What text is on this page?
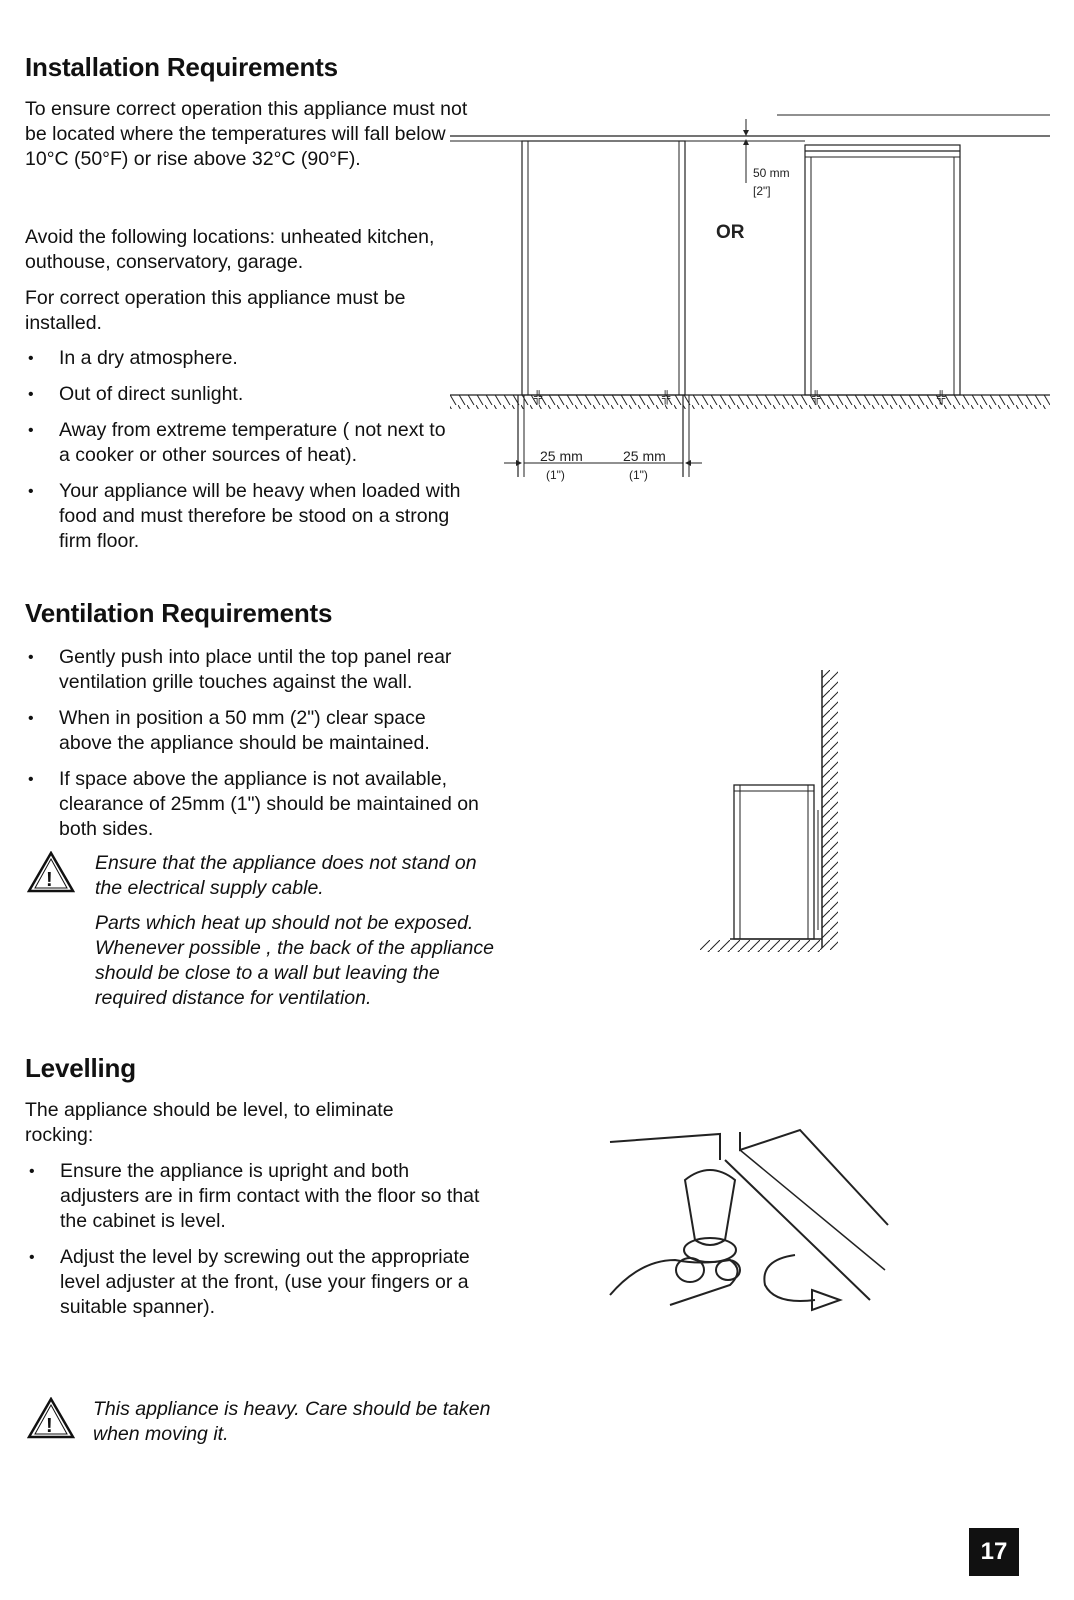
Installation Requirements

To ensure correct operation this appliance must not be located where the temperatures will fall below 10°C (50°F) or rise above 32°C (90°F).

Avoid the following locations: unheated kitchen, outhouse, conservatory, garage.

For correct operation this appliance must be installed.

• In a dry atmosphere.
• Out of direct sunlight.
• Away from extreme temperature ( not next to a cooker or other sources of heat).
• Your appliance will be heavy when loaded with food and must therefore be stood on a strong firm floor.
50 mm
[2"]
OR
25 mm
(1")
25 mm
(1")
Ventilation Requirements
• Gently push into place until the top panel rear ventilation grille touches against the wall.
• When in position a 50 mm (2") clear space above the appliance should be maintained.
• If space above the appliance is not available, clearance of 25mm (1") should be maintained on both sides.
!

Ensure that the appliance does not stand on the electrical supply cable.

Parts which heat up should not be exposed. Whenever possible , the back of the appliance should be close to a wall but leaving the required distance for ventilation.

Levelling

The appliance should be level, to eliminate rocking:

• Ensure the appliance is upright and both adjusters are in firm contact with the floor so that the cabinet is level.
• Adjust the level by screwing out the appropriate level adjuster at the front, (use your fingers or a suitable spanner).
!

This appliance is heavy. Care should be taken when moving it.

17
